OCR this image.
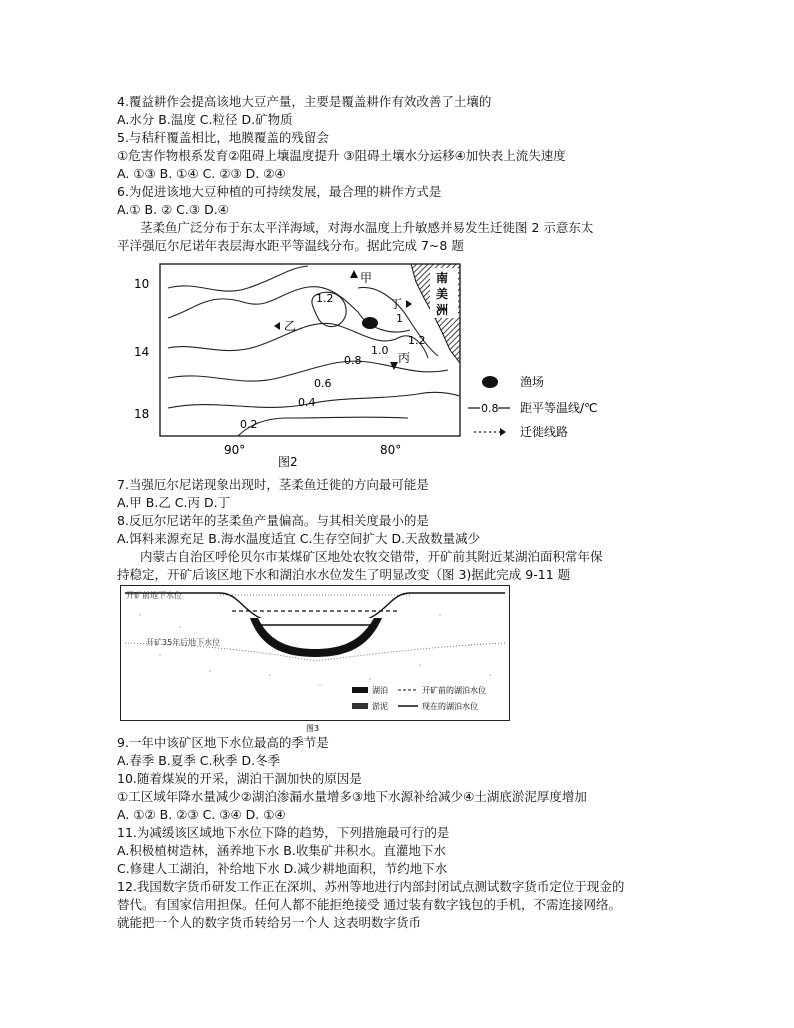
4.覆益耕作会提高该地大豆产量，主要是覆盖耕作有效改善了土壤的
A.水分 B.温度 C.粒径 D.矿物质
5.与秸秆覆盖相比，地膜覆盖的残留会
①危害作物根系发育②阻碍上壤温度提升 ③阻碍土壤水分运移④加快表上流失速度
A. ①③ B. ①④ C. ②③ D. ②④
6.为促进该地大豆种植的可持续发展，最合理的耕作方式是
A.① B. ② C.③ D.④
茎柔鱼广泛分布于东太平洋海域，对海水温度上升敏感并易发生迁徙图 2 示意东太
平洋强厄尔尼诺年表层海水距平等温线分布。据此完成 7~8 题
南
美
洲
1.2
1
1.2
1.0
0.8
0.6
0.4
0.2
甲
乙
丙
丁
10
14
18
90°	80°
图2
渔场
0.8 距平等温线/℃
迁徙线路
7.当强厄尔尼诺现象出现时，茎柔鱼迁徙的方向最可能是
A.甲 B.乙 C.丙 D.丁
8.反厄尔尼诺年的茎柔鱼产量偏高。与其相关度最小的是
A.饵料来源充足 B.海水温度适宜 C.生存空间扩大 D.天敌数量减少
内蒙古自治区呼伦贝尔市某煤矿区地处农牧交错带，开矿前其附近某湖泊面积常年保
持稳定，开矿后该区地下水和湖泊水水位发生了明显改变（图 3)据此完成 9-11 题
开矿前地下水位
开矿35年后地下水位
湖泊	开矿前的湖泊水位
淤泥	现在的湖泊水位
图3
9.一年中该矿区地下水位最高的季节是
A.春季 B.夏季 C.秋季 D.冬季
10.随着煤炭的开采，湖泊干涸加快的原因是
①工区域年降水量减少②湖泊渗漏水量增多③地下水源补给减少④土湖底淤泥厚度增加
A. ①② B. ②③ C. ③④ D. ①④
11.为减缓该区域地下水位下降的趋势，下列措施最可行的是
A.积极植树造林，涵养地下水 B.收集矿井积水。直灌地下水
C.修建人工湖泊，补给地下水 D.减少耕地面积，节约地下水
12.我国数字货币研发工作正在深圳、苏州等地进行内部封闭试点测试数字货币定位于现金的
替代。有国家信用担保。任何人都不能拒绝接受 通过装有数字钱包的手机，不需连接网络。
就能把一个人的数字货币转给另一个人 这表明数字货币
